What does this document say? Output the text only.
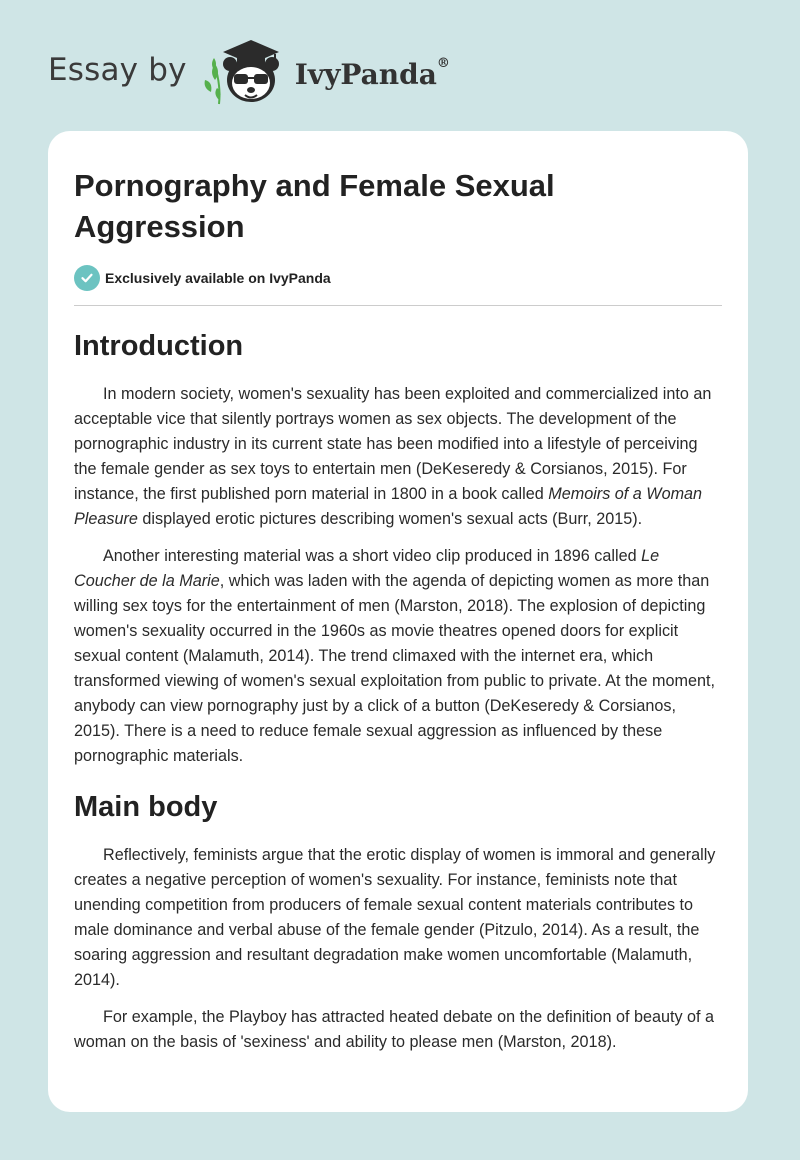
Essay by	IvyPanda®
Pornography and Female Sexual Aggression
Exclusively available on IvyPanda
Introduction

In modern society, women's sexuality has been exploited and commercialized into an acceptable vice that silently portrays women as sex objects. The development of the pornographic industry in its current state has been modified into a lifestyle of perceiving the female gender as sex toys to entertain men (DeKeseredy & Corsianos, 2015). For instance, the first published porn material in 1800 in a book called Memoirs of a Woman Pleasure displayed erotic pictures describing women's sexual acts (Burr, 2015).

Another interesting material was a short video clip produced in 1896 called Le Coucher de la Marie, which was laden with the agenda of depicting women as more than willing sex toys for the entertainment of men (Marston, 2018). The explosion of depicting women's sexuality occurred in the 1960s as movie theatres opened doors for explicit sexual content (Malamuth, 2014). The trend climaxed with the internet era, which transformed viewing of women's sexual exploitation from public to private. At the moment, anybody can view pornography just by a click of a button (DeKeseredy & Corsianos, 2015). There is a need to reduce female sexual aggression as influenced by these pornographic materials.

Main body

Reflectively, feminists argue that the erotic display of women is immoral and generally creates a negative perception of women's sexuality. For instance, feminists note that unending competition from producers of female sexual content materials contributes to male dominance and verbal abuse of the female gender (Pitzulo, 2014). As a result, the soaring aggression and resultant degradation make women uncomfortable (Malamuth, 2014).

For example, the Playboy has attracted heated debate on the definition of beauty of a woman on the basis of 'sexiness' and ability to please men (Marston, 2018).
